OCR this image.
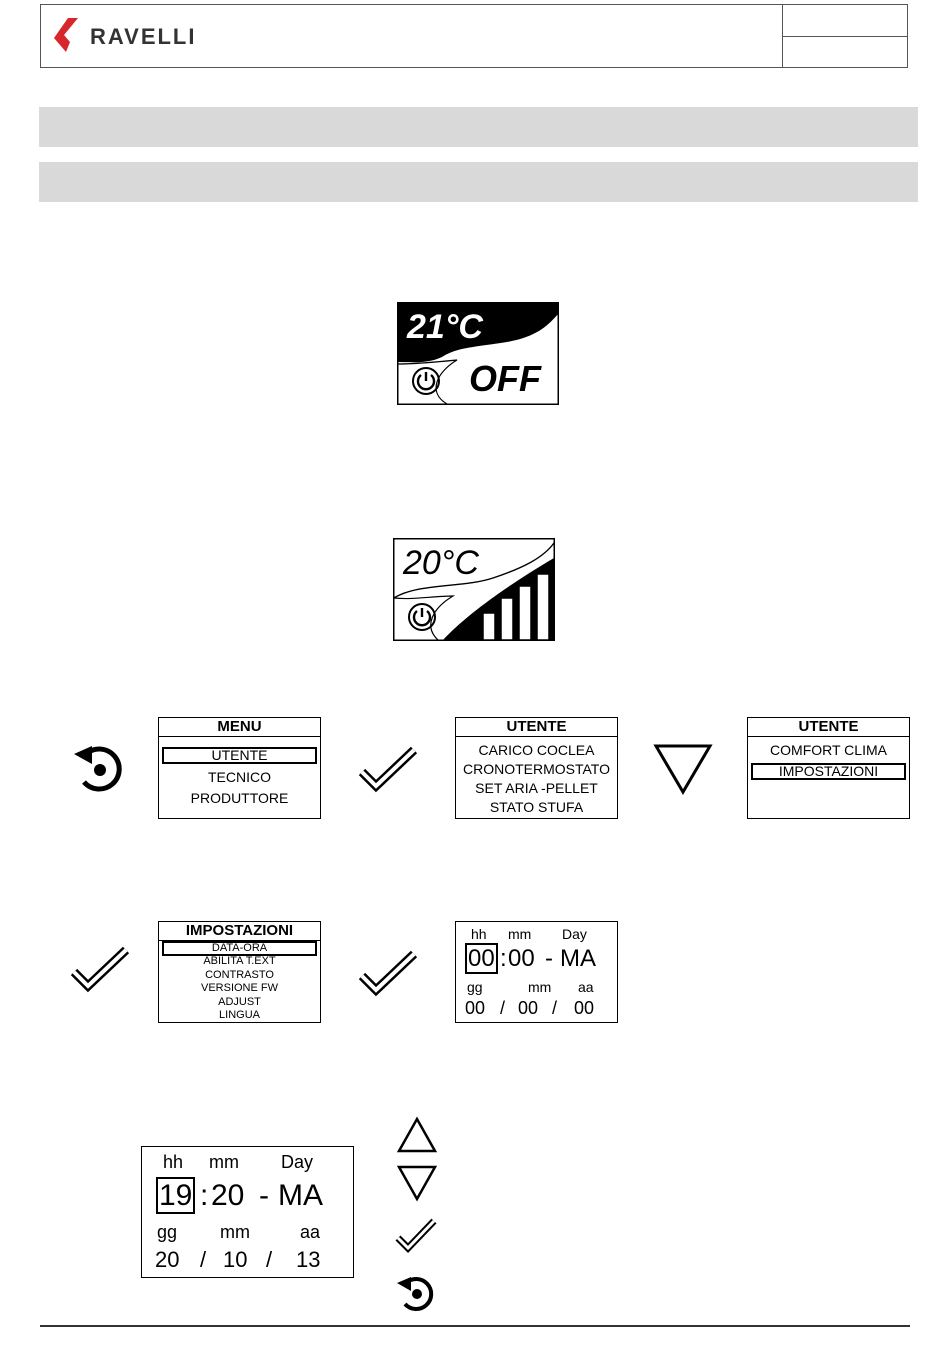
RAVELLI
21°C
OFF
20°C
MENU
UTENTE
TECNICO
PRODUTTORE
UTENTE
CARICO COCLEA
CRONOTERMOSTATO
SET ARIA -PELLET
STATO STUFA
UTENTE
COMFORT CLIMA
IMPOSTAZIONI
IMPOSTAZIONI
DATA-ORA
ABILITA T.EXT
CONTRASTO
VERSIONE FW
ADJUST
LINGUA
hh mm Day
00 : 00 - MA
gg	mm aa
00 / 00 / 00
hh mm Day
19 : 20 - MA
gg mm	aa
20 / 10 / 13
